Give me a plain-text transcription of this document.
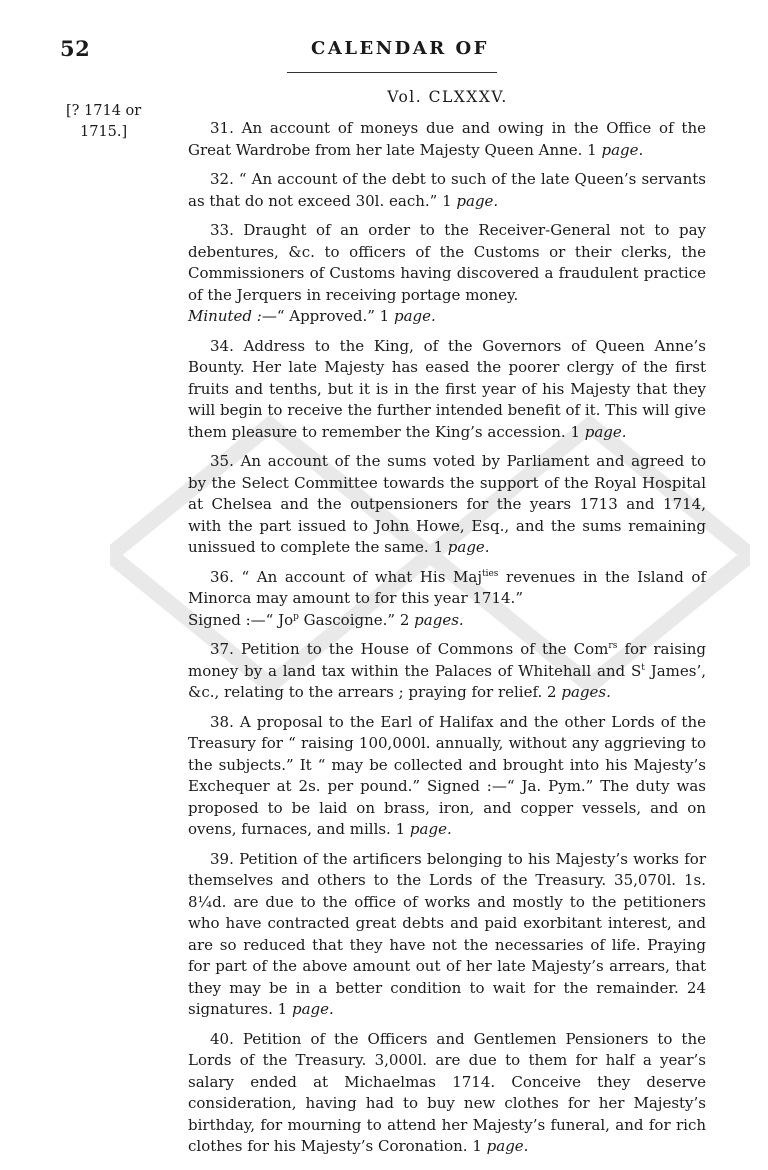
52	CALENDAR OF
Vol. CLXXXV.
[? 1714 or
1715.]	31. An account of moneys due and owing in the Office of the Great Wardrobe from her late Majesty Queen Anne. 1 page.

32. “ An account of the debt to such of the late Queen’s servants as that do not exceed 30l. each.” 1 page.

33. Draught of an order to the Receiver-General not to pay debentures, &c. to officers of the Customs or their clerks, the Commissioners of Customs having discovered a fraudulent practice of the Jerquers in receiving portage money.
Minuted :—“ Approved.” 1 page.

34. Address to the King, of the Governors of Queen Anne’s Bounty. Her late Majesty has eased the poorer clergy of the first fruits and tenths, but it is in the first year of his Majesty that they will begin to receive the further intended benefit of it. This will give them pleasure to remember the King’s accession. 1 page.

35. An account of the sums voted by Parliament and agreed to by the Select Committee towards the support of the Royal Hospital at Chelsea and the outpensioners for the years 1713 and 1714, with the part issued to John Howe, Esq., and the sums remaining unissued to complete the same. 1 page.

36. “ An account of what His Maj$^{ties}$ revenues in the Island of Minorca may amount to for this year 1714.”
Signed :—“ Jo$^p$ Gascoigne.” 2 pages.

37. Petition to the House of Commons of the Com$^{rs}$ for raising money by a land tax within the Palaces of Whitehall and $S^t$ James’, &c., relating to the arrears ; praying for relief. 2 pages.

38. A proposal to the Earl of Halifax and the other Lords of the Treasury for “ raising 100,000l. annually, without any aggrieving to the subjects.” It “ may be collected and brought into his Majesty’s Exchequer at 2s. per pound.” Signed :—“ Ja. Pym.” The duty was proposed to be laid on brass, iron, and copper vessels, and on ovens, furnaces, and mills. 1 page.

39. Petition of the artificers belonging to his Majesty’s works for themselves and others to the Lords of the Treasury. 35,070l. 1s. 8¼d. are due to the office of works and mostly to the petitioners who have contracted great debts and paid exorbitant interest, and are so reduced that they have not the necessaries of life. Praying for part of the above amount out of her late Majesty’s arrears, that they may be in a better condition to wait for the remainder. 24 signatures. 1 page.

40. Petition of the Officers and Gentlemen Pensioners to the Lords of the Treasury. 3,000l. are due to them for half a year’s salary ended at Michaelmas 1714. Conceive they deserve consideration, having had to buy new clothes for her Majesty’s birthday, for mourning to attend her Majesty’s funeral, and for rich clothes for his Majesty’s Coronation. 1 page.
